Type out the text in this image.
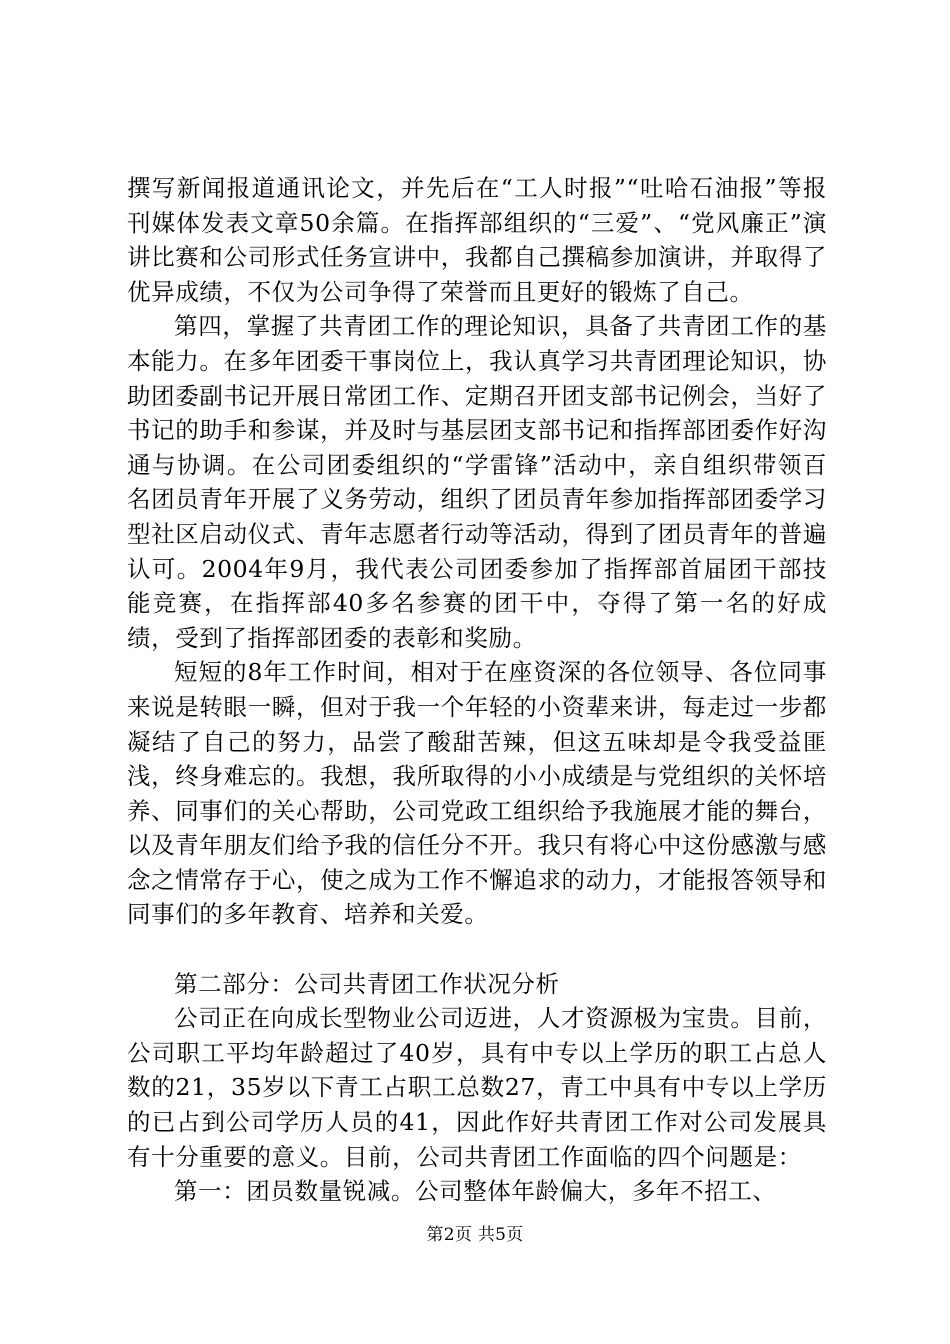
撰写新闻报道通讯论文，并先后在“工人时报”“吐哈石油报”等报刊媒体发表文章50余篇。在指挥部组织的“三爱”、“党风廉正”演讲比赛和公司形式任务宣讲中，我都自己撰稿参加演讲，并取得了优异成绩，不仅为公司争得了荣誉而且更好的锻炼了自己。

第四，掌握了共青团工作的理论知识，具备了共青团工作的基本能力。在多年团委干事岗位上，我认真学习共青团理论知识，协助团委副书记开展日常团工作、定期召开团支部书记例会，当好了书记的助手和参谋，并及时与基层团支部书记和指挥部团委作好沟通与协调。在公司团委组织的“学雷锋”活动中，亲自组织带领百名团员青年开展了义务劳动，组织了团员青年参加指挥部团委学习型社区启动仪式、青年志愿者行动等活动，得到了团员青年的普遍认可。2004年9月，我代表公司团委参加了指挥部首届团干部技能竞赛，在指挥部40多名参赛的团干中，夺得了第一名的好成绩，受到了指挥部团委的表彰和奖励。

短短的8年工作时间，相对于在座资深的各位领导、各位同事来说是转眼一瞬，但对于我一个年轻的小资辈来讲，每走过一步都凝结了自己的努力，品尝了酸甜苦辣，但这五味却是令我受益匪浅，终身难忘的。我想，我所取得的小小成绩是与党组织的关怀培养、同事们的关心帮助，公司党政工组织给予我施展才能的舞台，以及青年朋友们给予我的信任分不开。我只有将心中这份感激与感念之情常存于心，使之成为工作不懈追求的动力，才能报答领导和同事们的多年教育、培养和关爱。

第二部分：公司共青团工作状况分析

公司正在向成长型物业公司迈进，人才资源极为宝贵。目前，公司职工平均年龄超过了40岁，具有中专以上学历的职工占总人数的21，35岁以下青工占职工总数27，青工中具有中专以上学历的已占到公司学历人员的41，因此作好共青团工作对公司发展具有十分重要的意义。目前，公司共青团工作面临的四个问题是：

第一：团员数量锐减。公司整体年龄偏大，多年不招工、

第2页 共5页
